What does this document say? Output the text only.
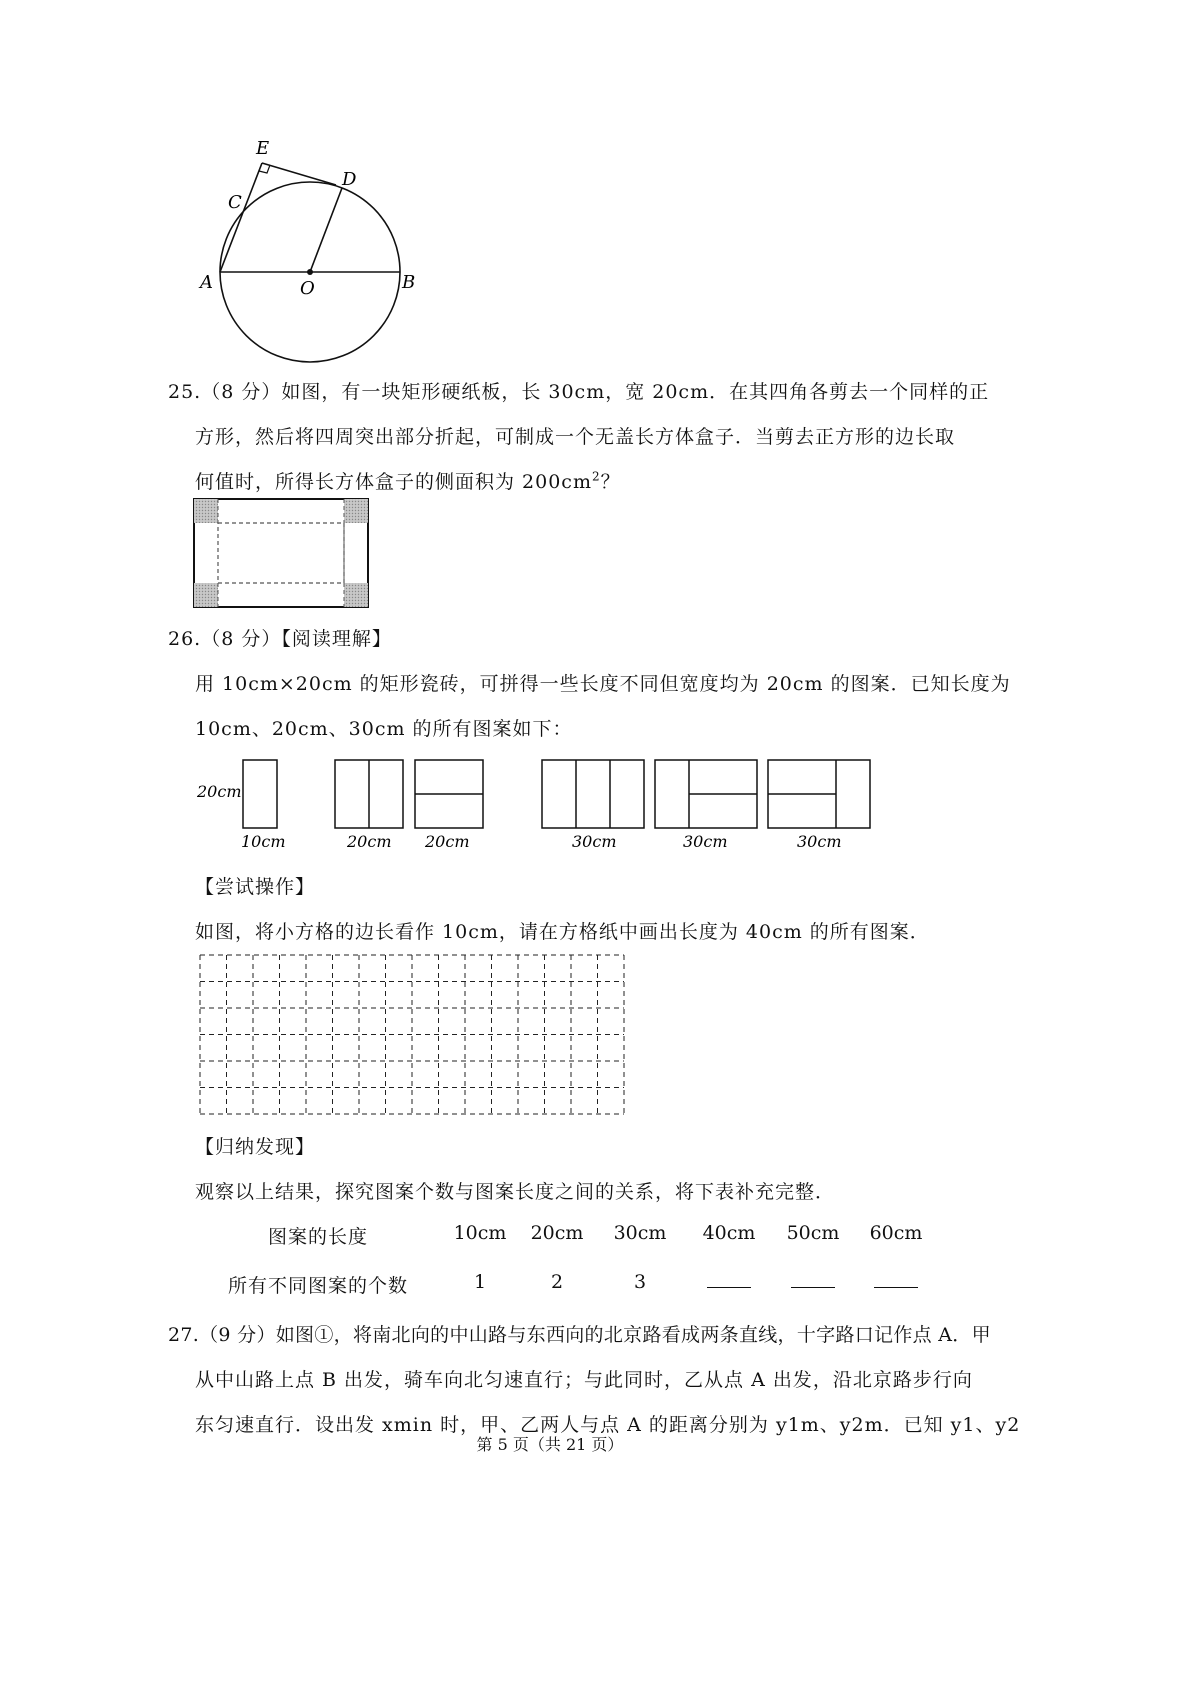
E
D
C
A	O	B
25.（8 分）如图，有一块矩形硬纸板，长 30cm，宽 20cm．在其四角各剪去一个同样的正
方形，然后将四周突出部分折起，可制成一个无盖长方体盒子．当剪去正方形的边长取
何值时，所得长方体盒子的侧面积为 $200cm^2$？
26.（8 分）【阅读理解】
用 10cm×20cm 的矩形瓷砖，可拼得一些长度不同但宽度均为 20cm 的图案．已知长度为
10cm、20cm、30cm 的所有图案如下：
20cm
10cm	20cm 20cm	30cm	30cm	30cm
【尝试操作】
如图，将小方格的边长看作 10cm，请在方格纸中画出长度为 40cm 的所有图案．
【归纳发现】
观察以上结果，探究图案个数与图案长度之间的关系，将下表补充完整．
图案的长度	10cm	20cm	30cm	40cm	50cm	60cm
所有不同图案的个数	1	2	3
27.（9 分）如图①，将南北向的中山路与东西向的北京路看成两条直线，十字路口记作点 A．甲
从中山路上点 B 出发，骑车向北匀速直行；与此同时，乙从点 A 出发，沿北京路步行向
东匀速直行．设出发 xmin 时，甲、乙两人与点 A 的距离分别为 y1m、y2m．已知 y1、y2
第 5 页（共 21 页）
